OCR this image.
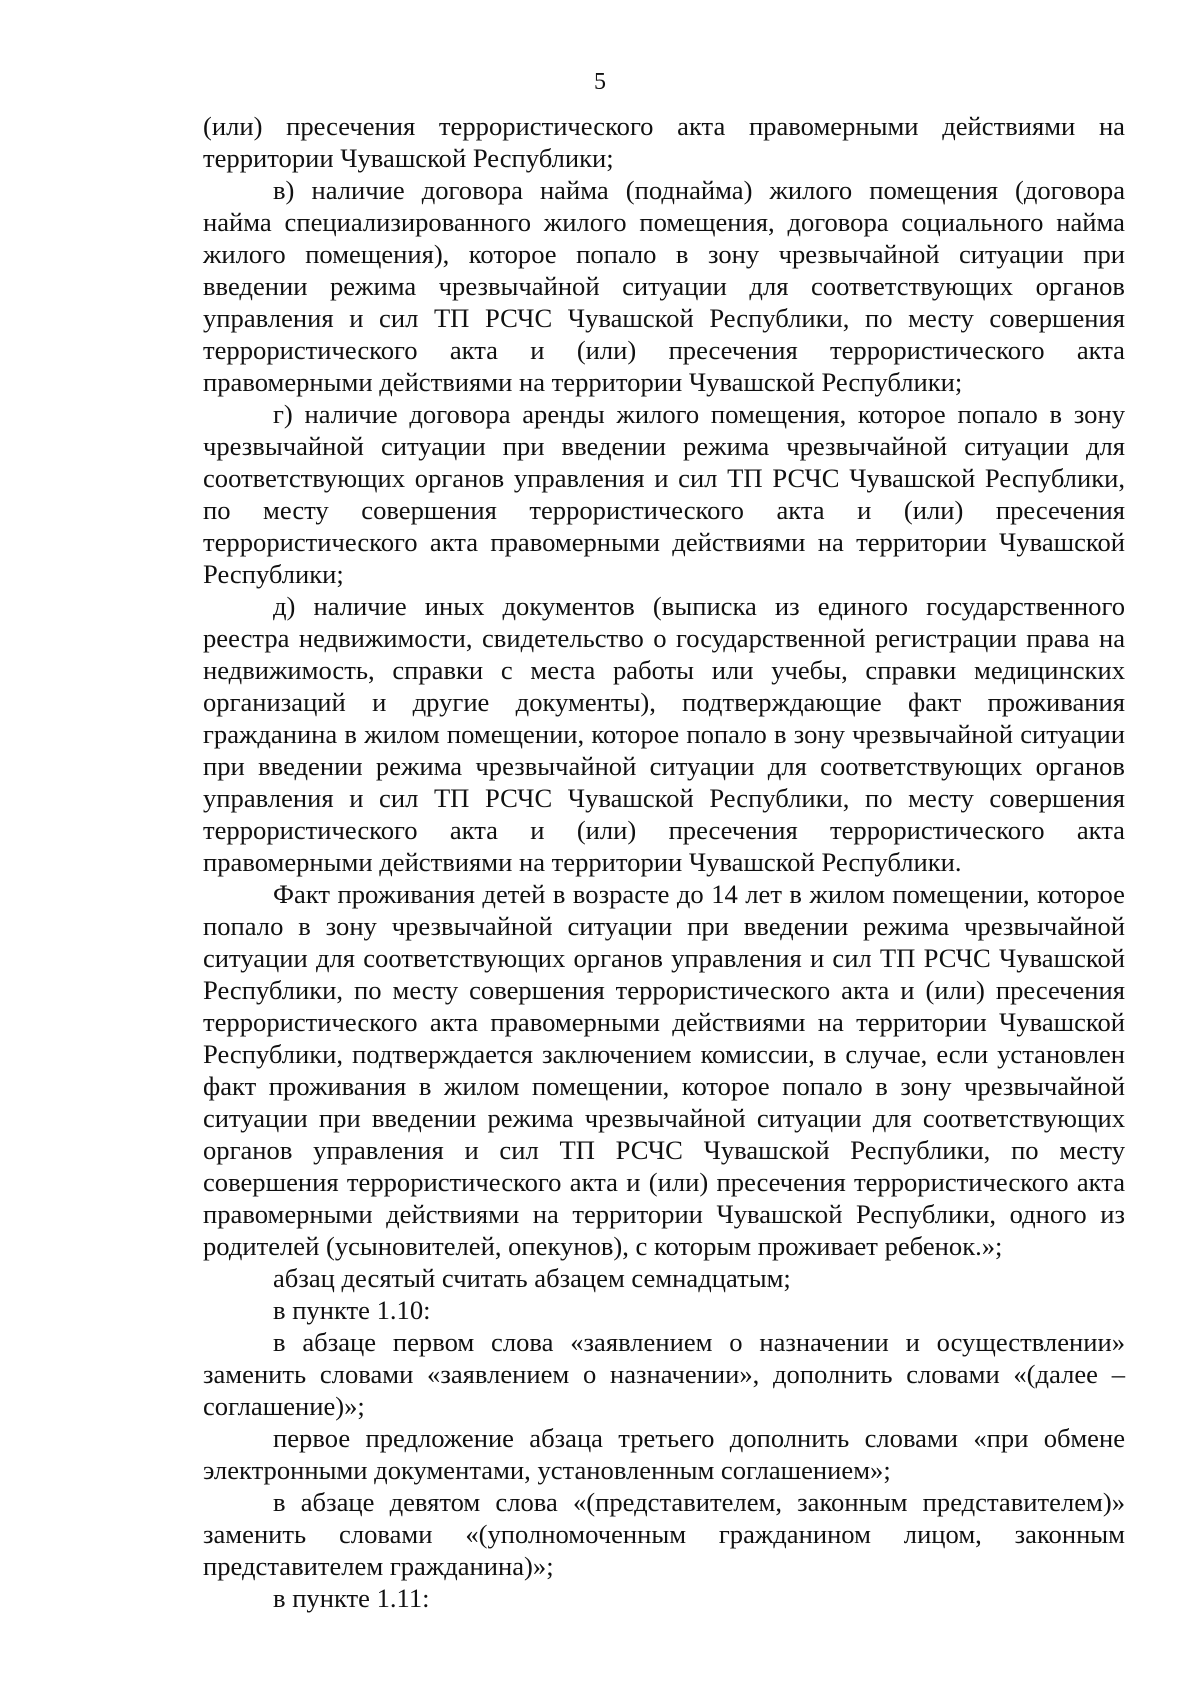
5

(или) пресечения террористического акта правомерными действиями на территории Чувашской Республики;

в) наличие договора найма (поднайма) жилого помещения (договора найма специализированного жилого помещения, договора социального найма жилого помещения), которое попало в зону чрезвычайной ситуации при введении режима чрезвычайной ситуации для соответствующих органов управления и сил ТП РСЧС Чувашской Республики, по месту совершения террористического акта и (или) пресечения террористического акта правомерными действиями на территории Чувашской Республики;

г) наличие договора аренды жилого помещения, которое попало в зону чрезвычайной ситуации при введении режима чрезвычайной ситуации для соответствующих органов управления и сил ТП РСЧС Чувашской Республики, по месту совершения террористического акта и (или) пресечения террористического акта правомерными действиями на территории Чувашской Республики;

д) наличие иных документов (выписка из единого государственного реестра недвижимости, свидетельство о государственной регистрации права на недвижимость, справки с места работы или учебы, справки медицинских организаций и другие документы), подтверждающие факт проживания гражданина в жилом помещении, которое попало в зону чрезвычайной ситуации при введении режима чрезвычайной ситуации для соответствующих органов управления и сил ТП РСЧС Чувашской Республики, по месту совершения террористического акта и (или) пресечения террористического акта правомерными действиями на территории Чувашской Республики.

Факт проживания детей в возрасте до 14 лет в жилом помещении, которое попало в зону чрезвычайной ситуации при введении режима чрезвычайной ситуации для соответствующих органов управления и сил ТП РСЧС Чувашской Республики, по месту совершения террористического акта и (или) пресечения террористического акта правомерными действиями на территории Чувашской Республики, подтверждается заключением комиссии, в случае, если установлен факт проживания в жилом помещении, которое попало в зону чрезвычайной ситуации при введении режима чрезвычайной ситуации для соответствующих органов управления и сил ТП РСЧС Чувашской Республики, по месту совершения террористического акта и (или) пресечения террористического акта правомерными действиями на территории Чувашской Республики, одного из родителей (усыновителей, опекунов), с которым проживает ребенок.»;

абзац десятый считать абзацем семнадцатым;

в пункте 1.10:

в абзаце первом слова «заявлением о назначении и осуществлении» заменить словами «заявлением о назначении», дополнить словами «(далее – соглашение)»;

первое предложение абзаца третьего дополнить словами «при обмене электронными документами, установленным соглашением»;

в абзаце девятом слова «(представителем, законным представителем)» заменить словами «(уполномоченным гражданином лицом, законным представителем гражданина)»;

в пункте 1.11:
